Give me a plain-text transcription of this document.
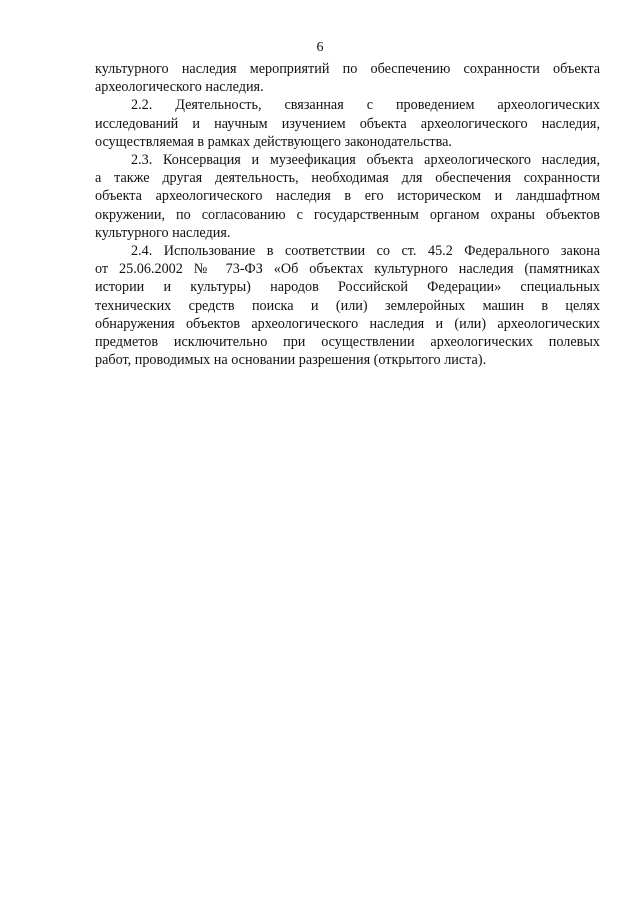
6
культурного наследия мероприятий по обеспечению сохранности объекта
археологического наследия.
2.2. Деятельность, связанная с проведением археологических
исследований и научным изучением объекта археологического наследия,
осуществляемая в рамках действующего законодательства.
2.3. Консервация и музеефикация объекта археологического наследия,
а также другая деятельность, необходимая для обеспечения сохранности
объекта археологического наследия в его историческом и ландшафтном
окружении, по согласованию с государственным органом охраны объектов
культурного наследия.
2.4. Использование в соответствии со ст. 45.2 Федерального закона
от 25.06.2002 № 73-ФЗ «Об объектах культурного наследия (памятниках
истории и культуры) народов Российской Федерации» специальных
технических средств поиска и (или) землеройных машин в целях
обнаружения объектов археологического наследия и (или) археологических
предметов исключительно при осуществлении археологических полевых
работ, проводимых на основании разрешения (открытого листа).
